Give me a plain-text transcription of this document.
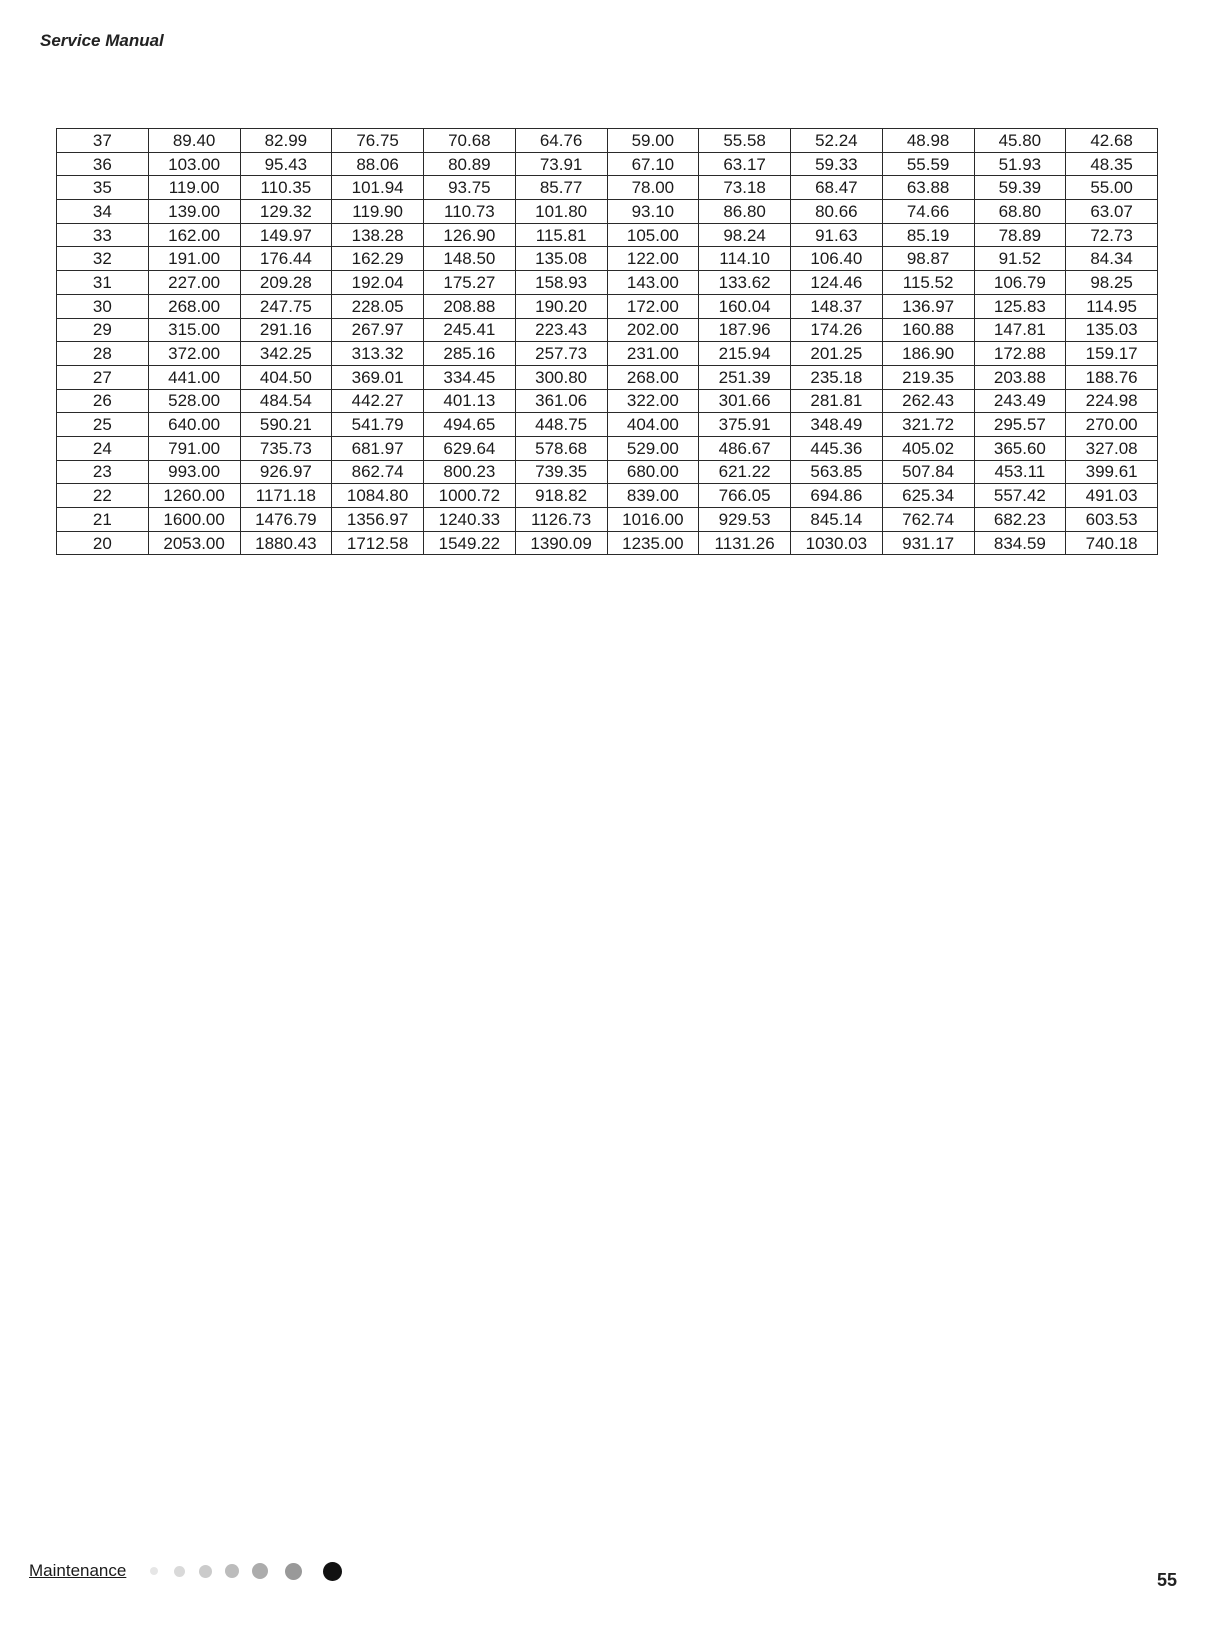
Service Manual
37	89.40	82.99	76.75	70.68	64.76	59.00	55.58	52.24	48.98	45.80	42.68
36	103.00	95.43	88.06	80.89	73.91	67.10	63.17	59.33	55.59	51.93	48.35
35	119.00	110.35	101.94	93.75	85.77	78.00	73.18	68.47	63.88	59.39	55.00
34	139.00	129.32	119.90	110.73	101.80	93.10	86.80	80.66	74.66	68.80	63.07
33	162.00	149.97	138.28	126.90	115.81	105.00	98.24	91.63	85.19	78.89	72.73
32	191.00	176.44	162.29	148.50	135.08	122.00	114.10	106.40	98.87	91.52	84.34
31	227.00	209.28	192.04	175.27	158.93	143.00	133.62	124.46	115.52	106.79	98.25
30	268.00	247.75	228.05	208.88	190.20	172.00	160.04	148.37	136.97	125.83	114.95
29	315.00	291.16	267.97	245.41	223.43	202.00	187.96	174.26	160.88	147.81	135.03
28	372.00	342.25	313.32	285.16	257.73	231.00	215.94	201.25	186.90	172.88	159.17
27	441.00	404.50	369.01	334.45	300.80	268.00	251.39	235.18	219.35	203.88	188.76
26	528.00	484.54	442.27	401.13	361.06	322.00	301.66	281.81	262.43	243.49	224.98
25	640.00	590.21	541.79	494.65	448.75	404.00	375.91	348.49	321.72	295.57	270.00
24	791.00	735.73	681.97	629.64	578.68	529.00	486.67	445.36	405.02	365.60	327.08
23	993.00	926.97	862.74	800.23	739.35	680.00	621.22	563.85	507.84	453.11	399.61
22	1260.00	1171.18	1084.80	1000.72	918.82	839.00	766.05	694.86	625.34	557.42	491.03
21	1600.00	1476.79	1356.97	1240.33	1126.73	1016.00	929.53	845.14	762.74	682.23	603.53
20	2053.00	1880.43	1712.58	1549.22	1390.09	1235.00	1131.26	1030.03	931.17	834.59	740.18
Maintenance	55
